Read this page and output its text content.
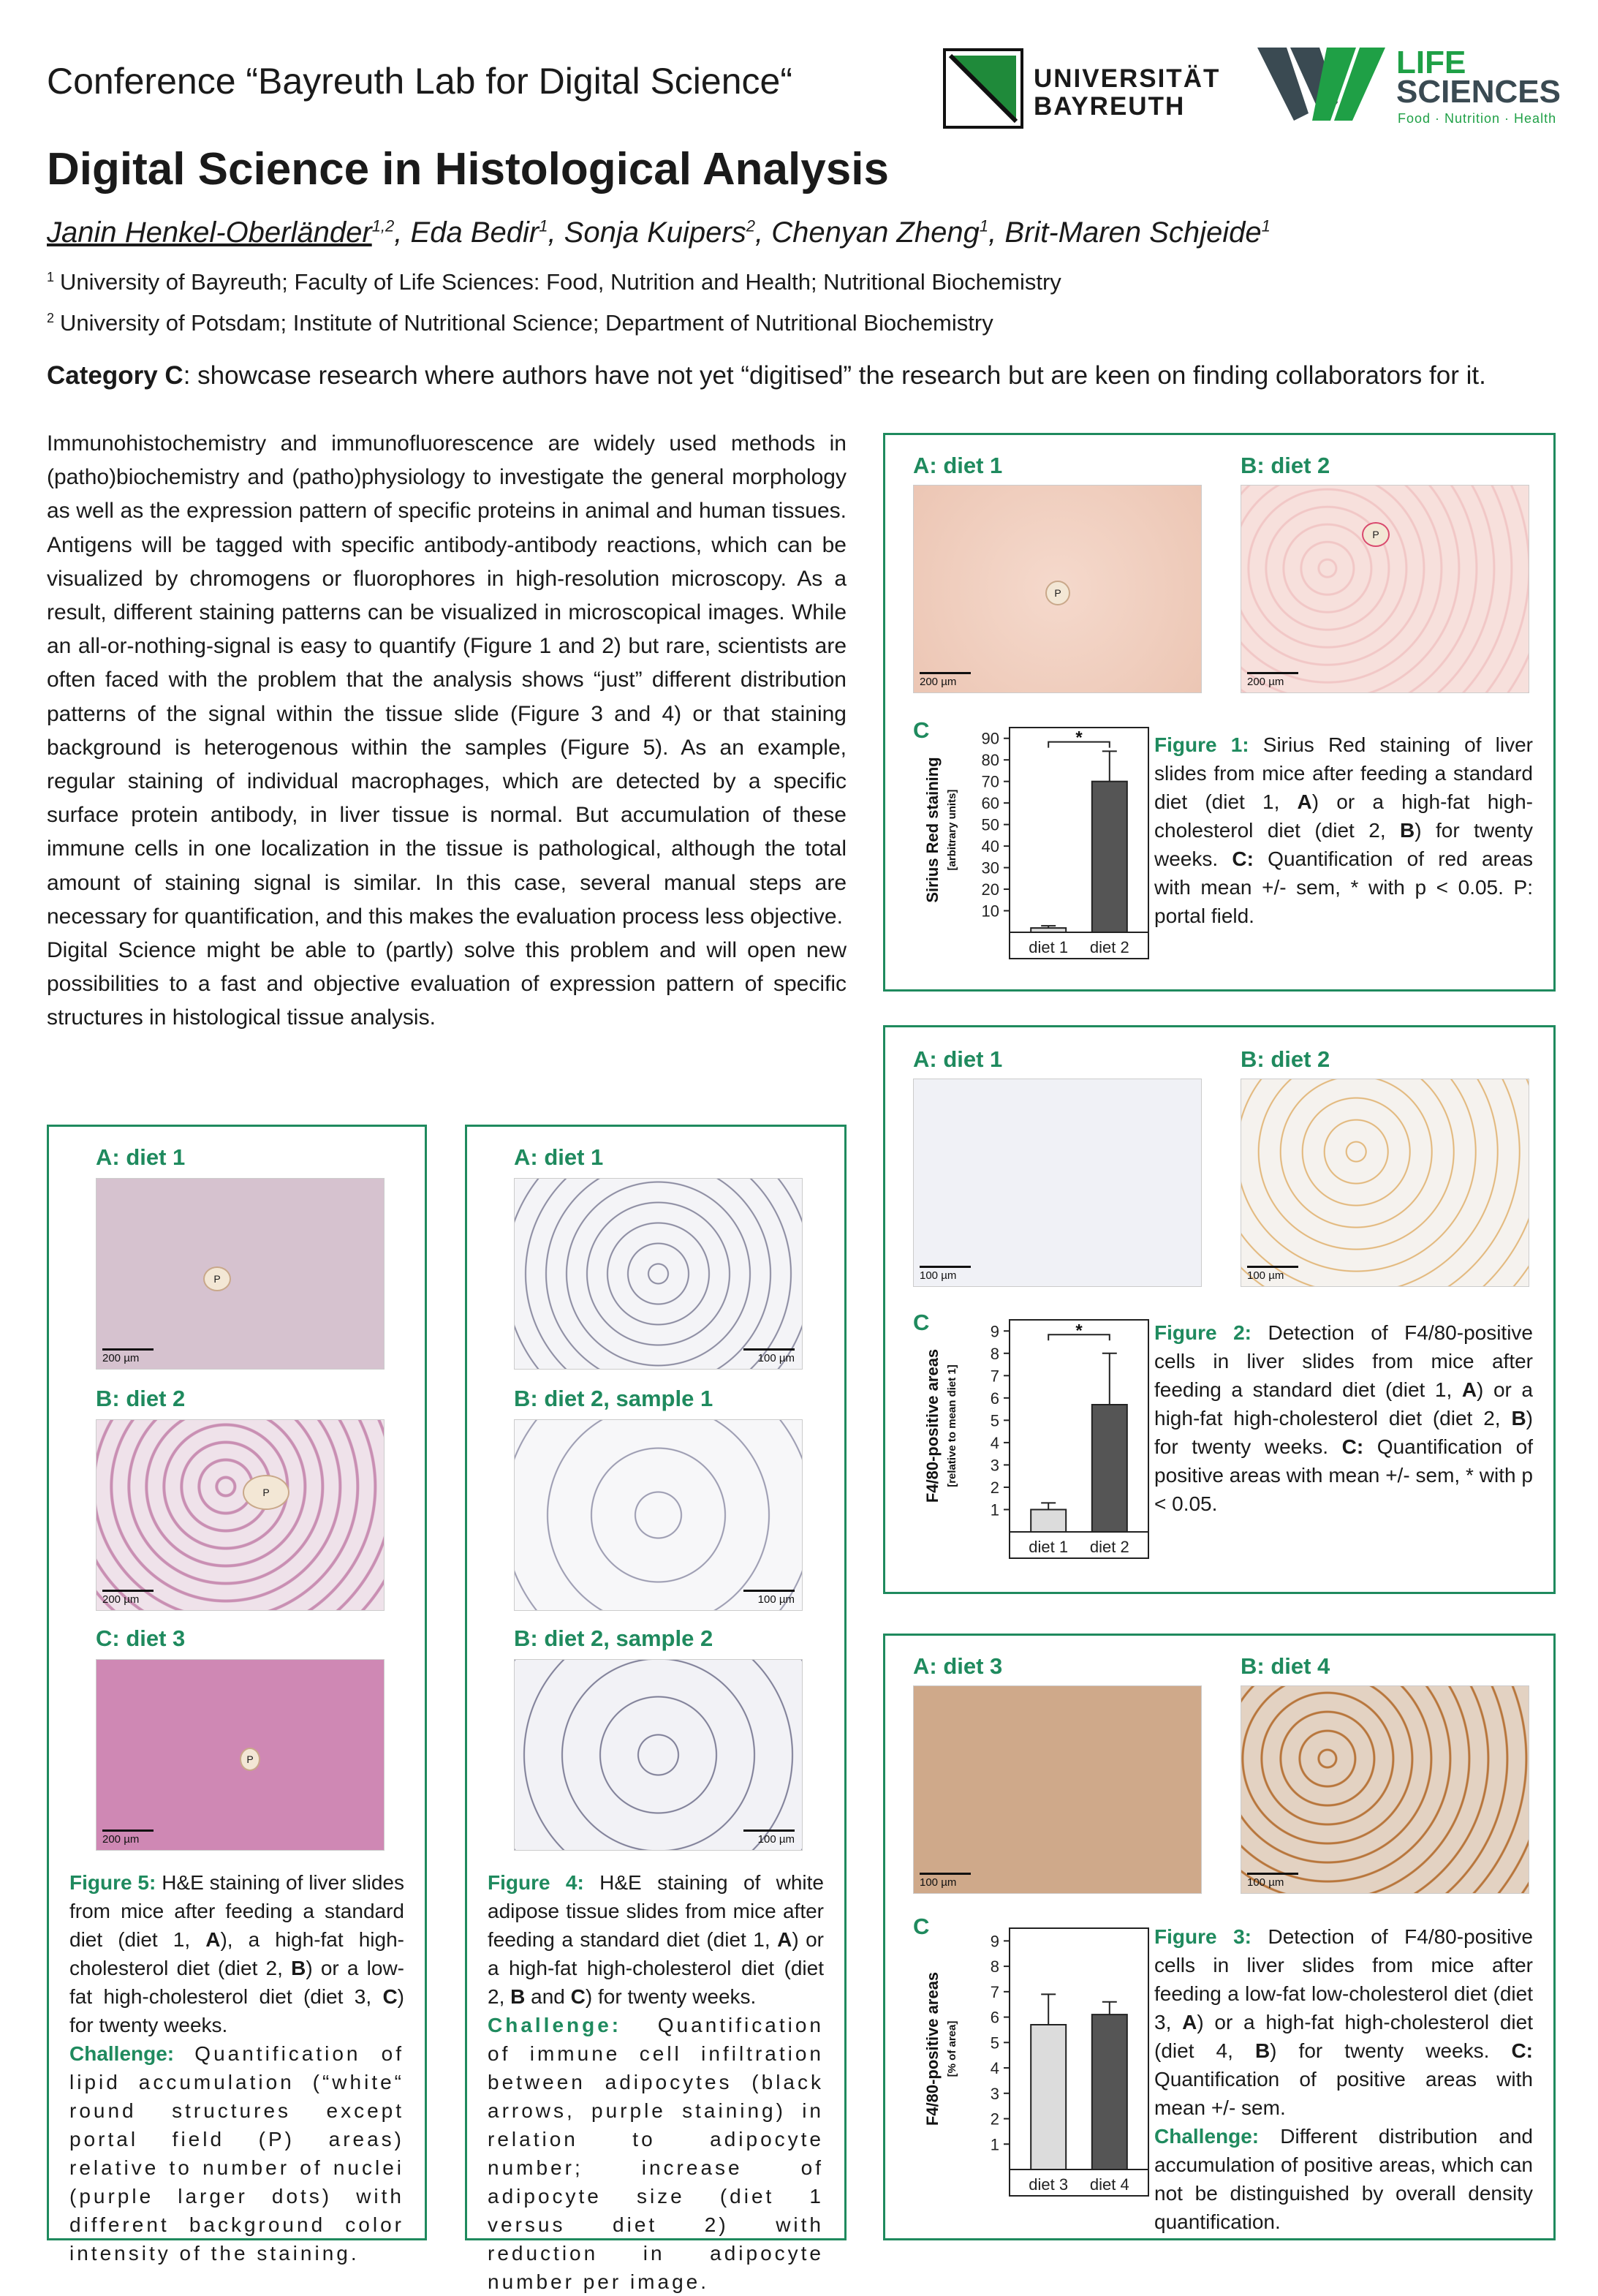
Conference “Bayreuth Lab for Digital Science“
Digital Science in Histological Analysis
Janin Henkel-Oberländer$^{1,2}$, Eda Bedir$^1$, Sonja Kuipers$^2$, Chenyan Zheng$^1$, Brit-Maren Schjeide$^1$
$^1$ University of Bayreuth; Faculty of Life Sciences: Food, Nutrition and Health; Nutritional Biochemistry
$^2$ University of Potsdam; Institute of Nutritional Science; Department of Nutritional Biochemistry
Category C: showcase research where authors have not yet “digitised” the research but are keen on finding collaborators for it.
UNIVERSITÄT
BAYREUTH
LIFE
SCIENCES
Food · Nutrition · Health

Immunohistochemistry and immunofluorescence are widely used methods in (patho)biochemistry and (patho)physiology to investigate the general morphology as well as the expression pattern of specific proteins in animal and human tissues. Antigens will be tagged with specific antibody-antibody reactions, which can be visualized by chromogens or fluorophores in high-resolution microscopy. As a result, different staining patterns can be visualized in microscopical images. While an all-or-nothing-signal is easy to quantify (Figure 1 and 2) but rare, scientists are often faced with the problem that the analysis shows “just” different distribution patterns of the signal within the tissue slide (Figure 3 and 4) or that staining background is heterogenous within the samples (Figure 5). As an example, regular staining of individual macrophages, which are detected by a specific surface protein antibody, in liver tissue is normal. But accumulation of these immune cells in one localization in the tissue is pathological, although the total amount of staining signal is similar. In this case, several manual steps are necessary for quantification, and this makes the evaluation process less objective.

Digital Science might be able to (partly) solve this problem and will open new possibilities to a fast and objective evaluation of expression pattern of specific structures in histological tissue analysis.

A: diet 1	B: diet 2
P
200 µm
P
200 µm
C
10
20
30
40
50
60
70
80
90
Sirius Red staining [arbitrary units]
diet 1 diet 2
*	Figure 1: Sirius Red staining of liver slides from mice after feeding a standard diet (diet 1, A) or a high-fat high-cholesterol diet (diet 2, B) for twenty weeks. C: Quantification of red areas with mean +/- sem, * with p < 0.05. P: portal field.
A: diet 1	B: diet 2
100 µm	100 µm
C
1
2
3
4
5
6
7
8
9
F4/80-positive areas [relative to mean diet 1]
diet 1 diet 2
*	Figure 2: Detection of F4/80-positive cells in liver slides from mice after feeding a standard diet (diet 1, A) or a high-fat high-cholesterol diet (diet 2, B) for twenty weeks. C: Quantification of positive areas with mean +/- sem, * with p < 0.05.
A: diet 3	B: diet 4
100 µm	100 µm
C
1
2
3
4
5
6
7
8
9
F4/80-positive areas [% of area]
diet 3 diet 4
Figure 3: Detection of F4/80-positive cells in liver slides from mice after feeding a low-fat low-cholesterol diet (diet 3, A) or a high-fat high-cholesterol diet (diet 4, B) for twenty weeks. C: Quantification of positive areas with mean +/- sem.
Challenge: Different distribution and accumulation of positive areas, which can not be distinguished by overall density quantification.
A: diet 1
P
200 µm
B: diet 2
P
200 µm
C: diet 3
P
200 µm
Figure 5: H&E staining of liver slides from mice after feeding a standard diet (diet 1, A), a high-fat high-cholesterol diet (diet 2, B) or a low-fat high-cholesterol diet (diet 3, C) for twenty weeks.
Challenge: Quantification of lipid accumulation (“white“ round structures except portal field (P) areas) relative to number of nuclei (purple larger dots) with different background color intensity of the staining.
A: diet 1
100 µm
B: diet 2, sample 1
100 µm
B: diet 2, sample 2
100 µm
Figure 4: H&E staining of white adipose tissue slides from mice after feeding a standard diet (diet 1, A) or a high-fat high-cholesterol diet (diet 2, B and C) for twenty weeks.
Challenge: Quantification of immune cell infiltration between adipocytes (black arrows, purple staining) in relation to adipocyte number; increase of adipocyte size (diet 1 versus diet 2) with reduction in adipocyte number per image.
